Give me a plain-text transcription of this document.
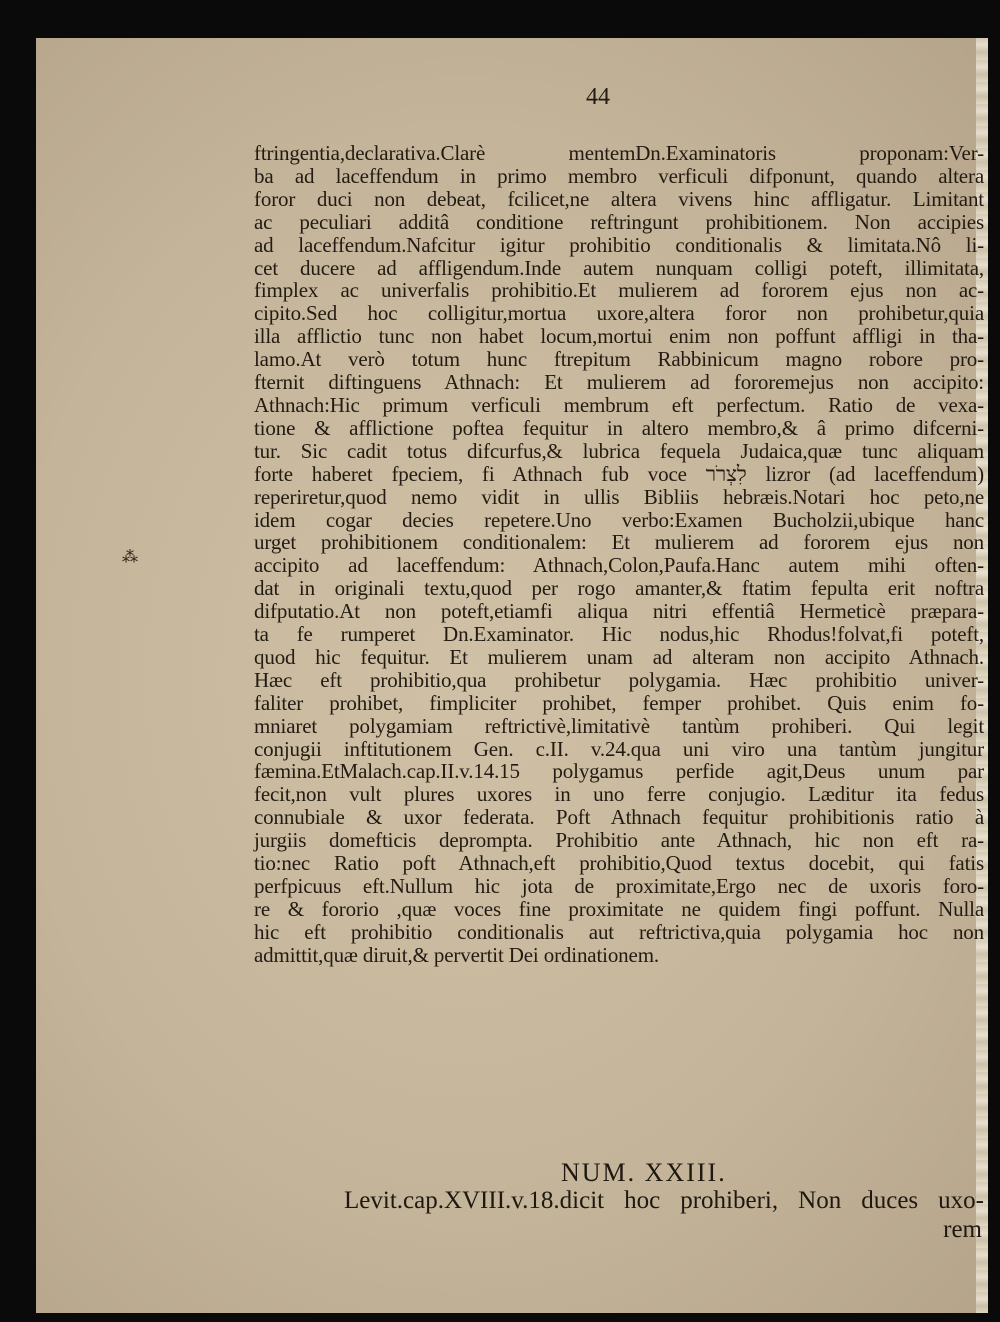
⁂
44
ftringentia,declarativa.Clarè mentemDn.Examinatoris proponam:Ver-
ba ad laceffendum in primo membro verficuli difponunt, quando altera
foror duci non debeat, fcilicet,ne altera vivens hinc affligatur. Limitant
ac peculiari additâ conditione reftringunt prohibitionem. Non accipies
ad laceffendum.Nafcitur igitur prohibitio conditionalis & limitata.Nô li-
cet ducere ad affligendum.Inde autem nunquam colligi poteft, illimitata,
fimplex ac univerfalis prohibitio.Et mulierem ad fororem ejus non ac-
cipito.Sed hoc colligitur,mortua uxore,altera foror non prohibetur,quia
illa afflictio tunc non habet locum,mortui enim non poffunt affligi in tha-
lamo.At verò totum hunc ftrepitum Rabbinicum magno robore pro-
fternit diftinguens Athnach: Et mulierem ad fororemejus non accipito:
Athnach:Hic primum verficuli membrum eft perfectum. Ratio de vexa-
tione & afflictione poftea fequitur in altero membro,& â primo difcerni-
tur. Sic cadit totus difcurfus,& lubrica fequela Judaica,quæ tunc aliquam
forte haberet fpeciem, fi Athnach fub voce לִצְרֹר lizror (ad laceffendum)
reperiretur,quod nemo vidit in ullis Bibliis hebræis.Notari hoc peto,ne
idem cogar decies repetere.Uno verbo:Examen Bucholzii,ubique hanc
urget prohibitionem conditionalem: Et mulierem ad fororem ejus non
accipito ad laceffendum: Athnach,Colon,Paufa.Hanc autem mihi often-
dat in originali textu,quod per rogo amanter,& ftatim fepulta erit noftra
difputatio.At non poteft,etiamfi aliqua nitri effentiâ Hermeticè præpara-
ta fe rumperet Dn.Examinator. Hic nodus,hic Rhodus!folvat,fi poteft,
quod hic fequitur. Et mulierem unam ad alteram non accipito Athnach.
Hæc eft prohibitio,qua prohibetur polygamia. Hæc prohibitio univer-
faliter prohibet, fimpliciter prohibet, femper prohibet. Quis enim fo-
mniaret polygamiam reftrictivè,limitativè tantùm prohiberi. Qui legit
conjugii inftitutionem Gen. c.II. v.24.qua uni viro una tantùm jungitur
fæmina.EtMalach.cap.II.v.14.15 polygamus perfide agit,Deus unum par
fecit,non vult plures uxores in uno ferre conjugio. Læditur ita fedus
connubiale & uxor federata. Poft Athnach fequitur prohibitionis ratio à
jurgiis domefticis deprompta. Prohibitio ante Athnach, hic non eft ra-
tio:nec Ratio poft Athnach,eft prohibitio,Quod textus docebit, qui fatis
perfpicuus eft.Nullum hic jota de proximitate,Ergo nec de uxoris foro-
re & fororio ,quæ voces fine proximitate ne quidem fingi poffunt. Nulla
hic eft prohibitio conditionalis aut reftrictiva,quia polygamia hoc non
admittit,quæ diruit,& pervertit Dei ordinationem.
NUM. XXIII.
Levit.cap.XVIII.v.18.dicit hoc prohiberi, Non duces uxo-
rem
